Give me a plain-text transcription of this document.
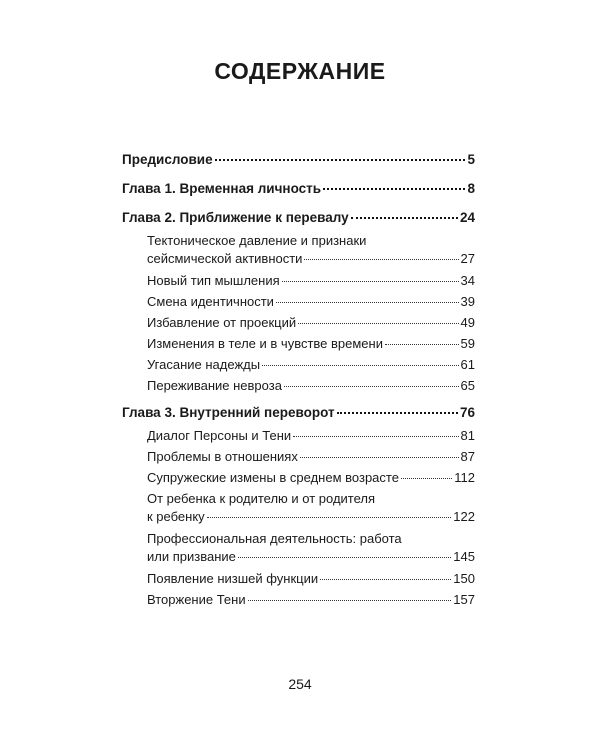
СОДЕРЖАНИЕ
Предисловие	5
Глава 1. Временная личность	8
Глава 2. Приближение к перевалу	24
Тектоническое давление и признаки
сейсмической активности	27
Новый тип мышления	34
Смена идентичности	39
Избавление от проекций	49
Изменения в теле и в чувстве времени	59
Угасание надежды	61
Переживание невроза	65
Глава 3. Внутренний переворот	76
Диалог Персоны и Тени	81
Проблемы в отношениях	87
Супружеские измены в среднем возрасте	112
От ребенка к родителю и от родителя
к ребенку	122
Профессиональная деятельность: работа
или призвание	145
Появление низшей функции	150
Вторжение Тени	157
254
